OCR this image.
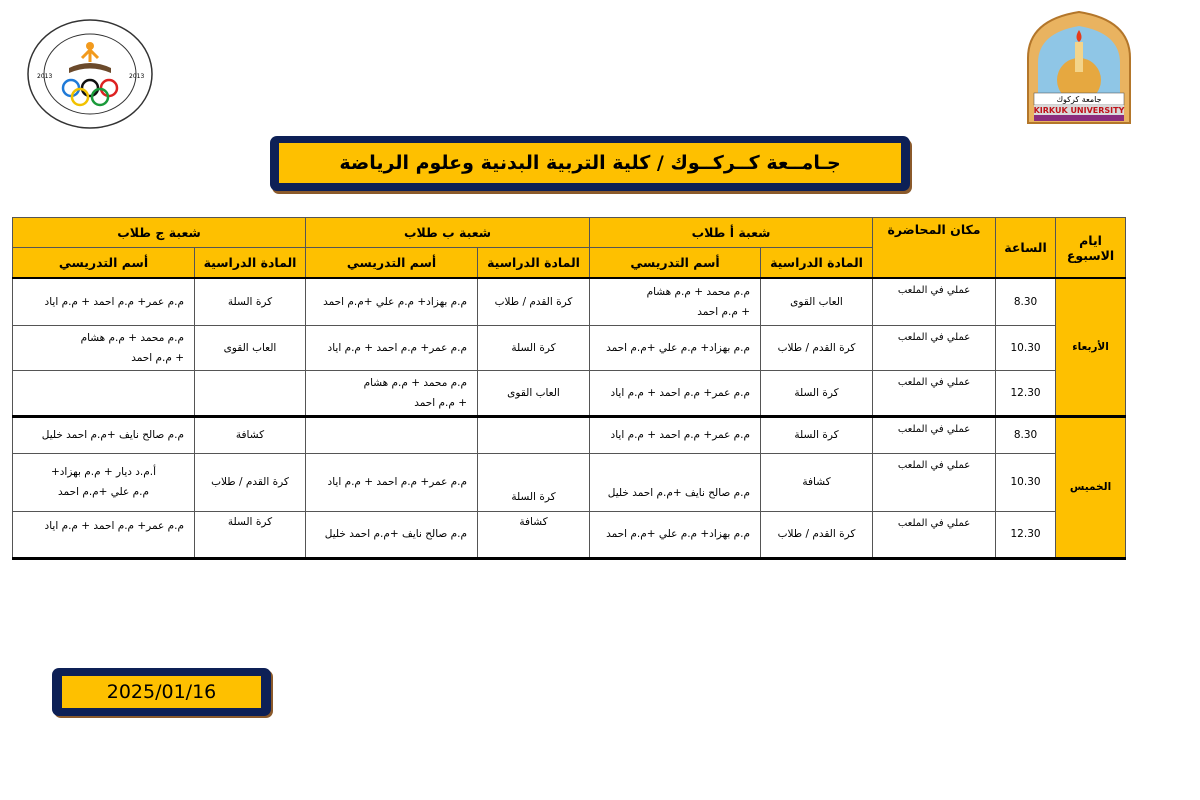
2013	2013
جامعة كركوك
KIRKUK UNIVERSITY
جـامــعة كــركــوك / كلية التربية البدنية وعلوم الرياضة
شعبة ج طلاب		شعبة ب طلاب		شعبة أ طلاب		مكان المحاضرة	الساعة	ايام الاسبوع
أسم التدريسي	المادة الدراسية	أسم التدريسي	المادة الدراسية	أسم التدريسي	المادة الدراسية			

م.م عمر+ م.م احمد + م.م اياد	كرة السلة	م.م بهزاد+ م.م علي +م.م احمد	كرة القدم / طلاب	م.م محمد + م.م هشام
+ م.م احمد	العاب القوى	عملي في الملعب	8.30	الأربعاء

م.م محمد + م.م هشام
+ م.م احمد	العاب القوى	م.م عمر+ م.م احمد + م.م اياد	كرة السلة	م.م بهزاد+ م.م علي +م.م احمد	كرة القدم / طلاب	عملي في الملعب	10.30	

		م.م محمد + م.م هشام
+ م.م احمد	العاب القوى	م.م عمر+ م.م احمد + م.م اياد	كرة السلة	عملي في الملعب	12.30	

م.م صالح نايف +م.م احمد خليل	كشافة			م.م عمر+ م.م احمد + م.م اياد	كرة السلة	عملي في الملعب	8.30	الخميس

أ.م.د ديار + م.م بهزاد+
م.م علي +م.م احمد	كرة القدم / طلاب	م.م عمر+ م.م احمد + م.م اياد	كرة السلة	م.م صالح نايف +م.م احمد خليل	كشافة	عملي في الملعب	10.30	

م.م عمر+ م.م احمد + م.م اياد	كرة السلة	م.م صالح نايف +م.م احمد خليل	كشافة	م.م بهزاد+ م.م علي +م.م احمد	كرة القدم / طلاب	عملي في الملعب	12.30	
2025/01/16
